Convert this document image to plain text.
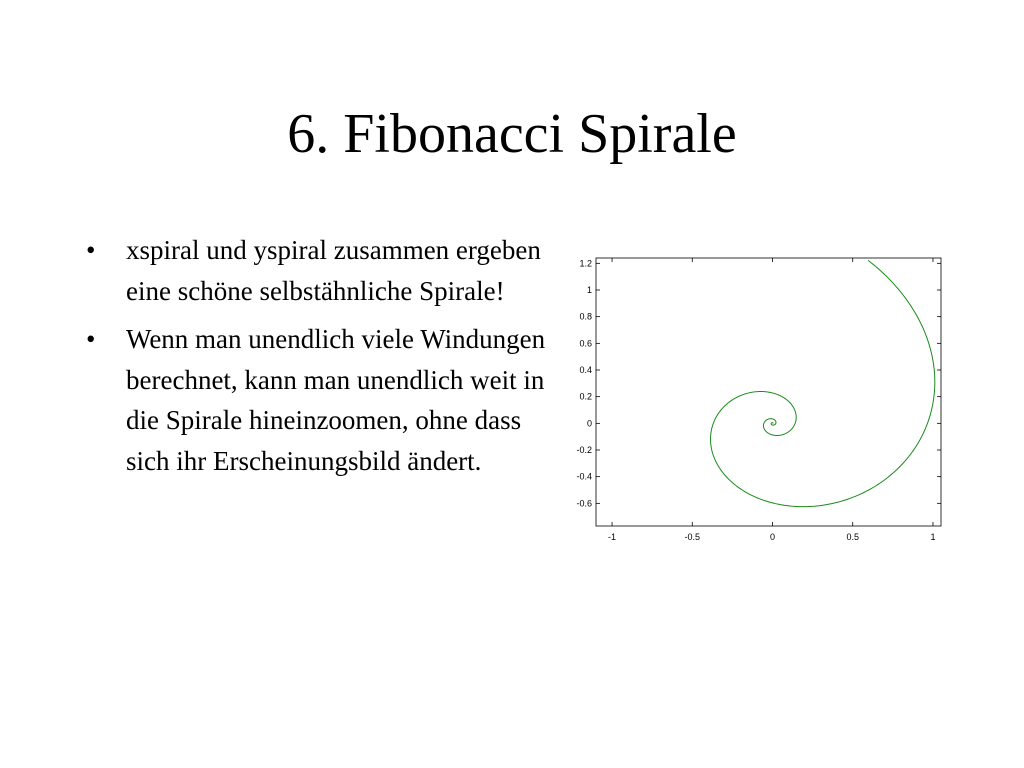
6. Fibonacci Spirale
•	xspiral und yspiral zusammen ergeben eine schöne selbstähnliche Spirale!
•	Wenn man unendlich viele Windungen berechnet, kann man unendlich weit in die Spirale hineinzoomen, ohne dass sich ihr Erscheinungsbild ändert.
1.2
1
0.8
0.6
0.4
0.2
0
-0.2
-0.4
-0.6
-1	-0.5	0	0.5	1
